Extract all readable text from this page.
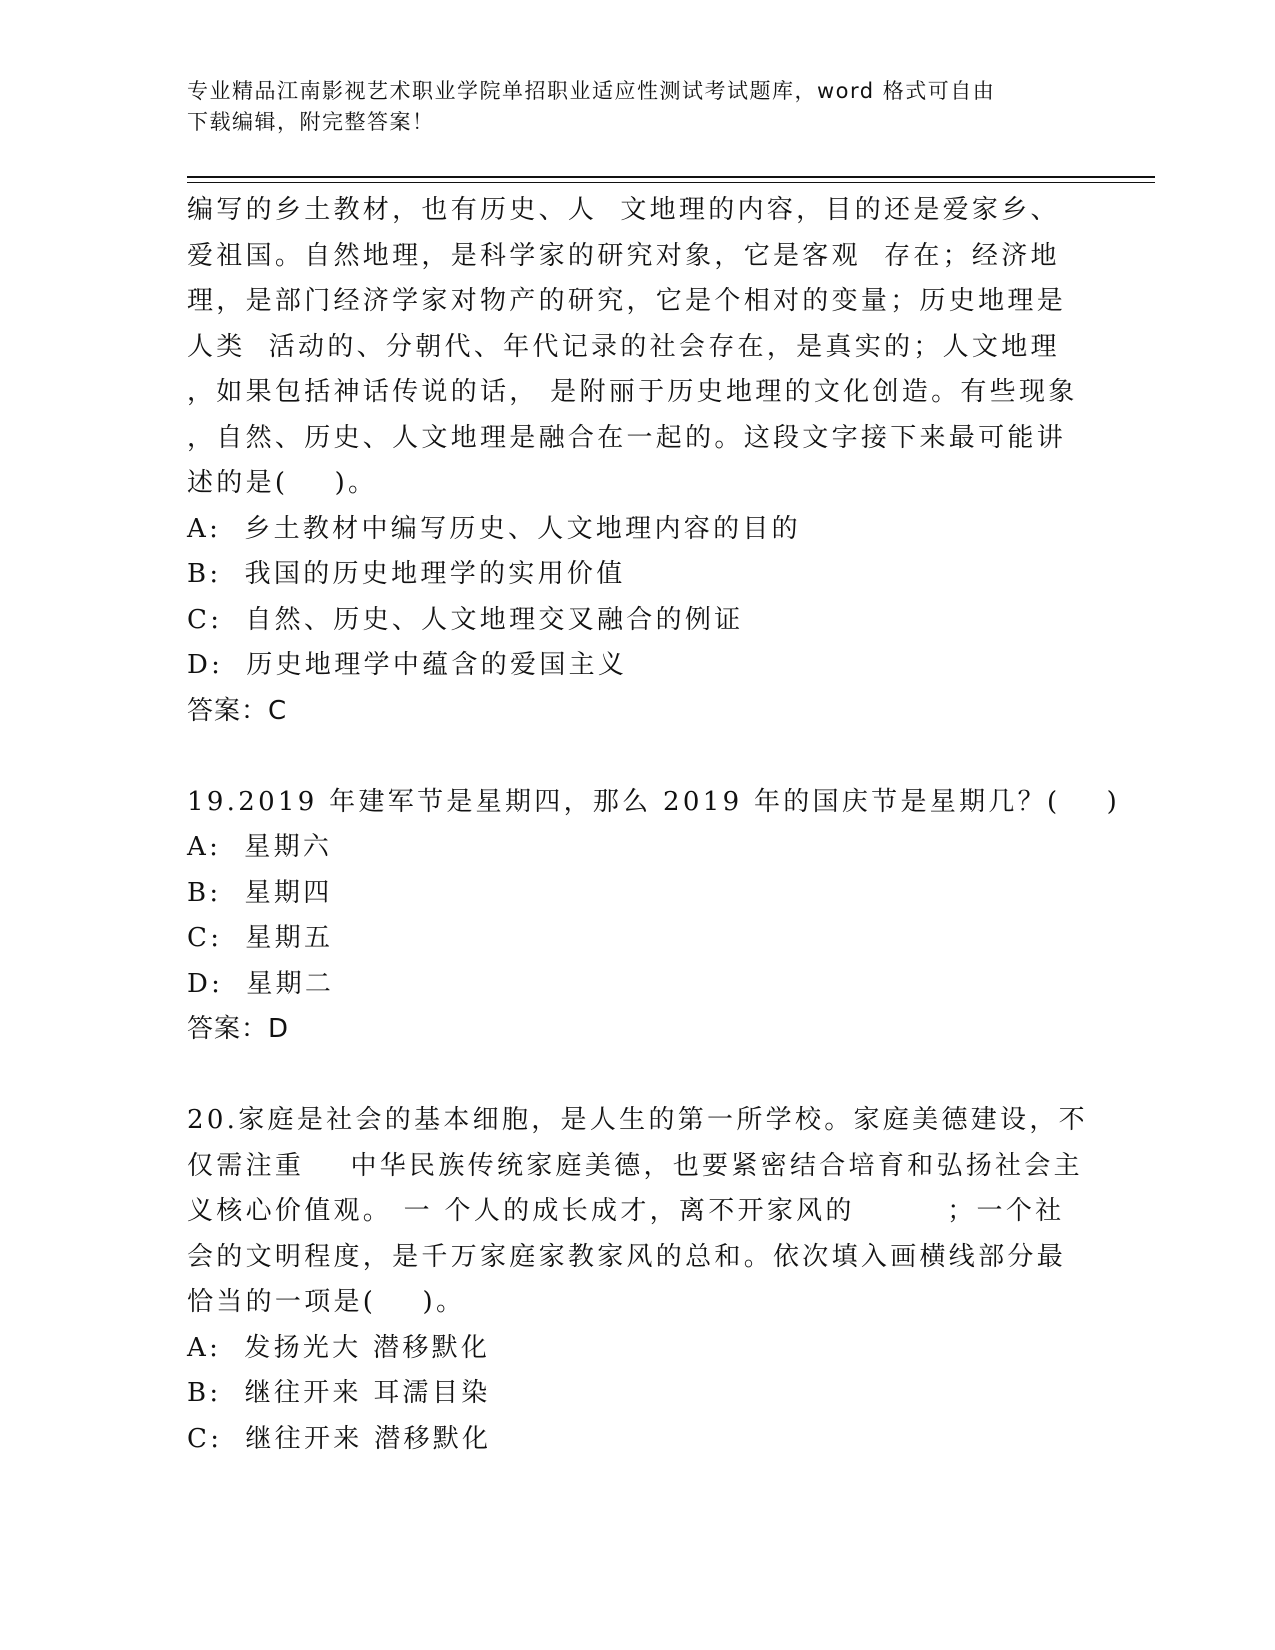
专业精品江南影视艺术职业学院单招职业适应性测试考试题库，word 格式可自由
下载编辑，附完整答案！
编写的乡土教材，也有历史、人  文地理的内容，目的还是爱家乡、
爱祖国。自然地理，是科学家的研究对象，它是客观  存在；经济地
理，是部门经济学家对物产的研究，它是个相对的变量；历史地理是
人类  活动的、分朝代、年代记录的社会存在，是真实的；人文地理
，如果包括神话传说的话， 是附丽于历史地理的文化创造。有些现象
，自然、历史、人文地理是融合在一起的。这段文字接下来最可能讲
述的是(    )。
A:  乡土教材中编写历史、人文地理内容的目的
B:  我国的历史地理学的实用价值
C:  自然、历史、人文地理交叉融合的例证
D:  历史地理学中蕴含的爱国主义
答案：C
19.2019 年建军节是星期四，那么 2019 年的国庆节是星期几？(    )
A:  星期六
B:  星期四
C:  星期五
D:  星期二
答案：D
20.家庭是社会的基本细胞，是人生的第一所学校。家庭美德建设，不
仅需注重    中华民族传统家庭美德，也要紧密结合培育和弘扬社会主
义核心价值观。 一 个人的成长成才，离不开家风的        ；一个社
会的文明程度，是千万家庭家教家风的总和。依次填入画横线部分最
恰当的一项是(    )。
A:  发扬光大 潜移默化
B:  继往开来 耳濡目染
C:  继往开来 潜移默化
